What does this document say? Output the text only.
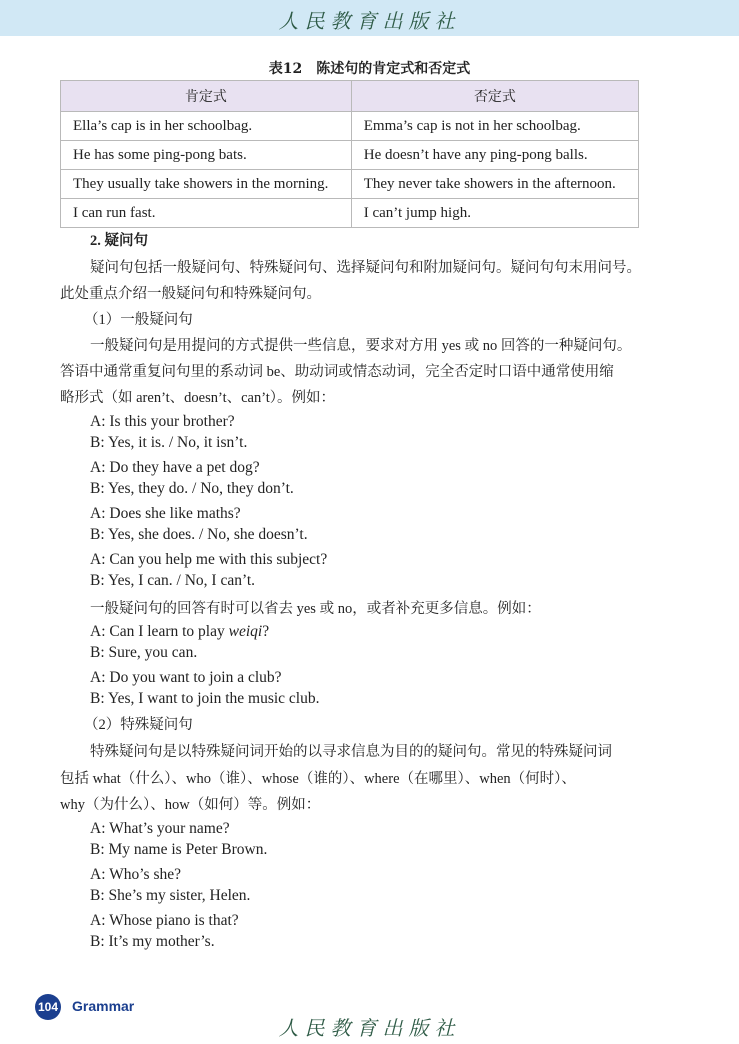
人民教育出版社
表12　陈述句的肯定式和否定式
肯定式	否定式
Ella’s cap is in her schoolbag.	Emma’s cap is not in her schoolbag.
He has some ping-pong bats.	He doesn’t have any ping-pong balls.
They usually take showers in the morning.	They never take showers in the afternoon.
I can run fast.	I can’t jump high.
2. 疑问句
疑问句包括一般疑问句、特殊疑问句、选择疑问句和附加疑问句。疑问句句末用问号。
此处重点介绍一般疑问句和特殊疑问句。
（1）一般疑问句
一般疑问句是用提问的方式提供一些信息，要求对方用 yes 或 no 回答的一种疑问句。
答语中通常重复问句里的系动词 be、助动词或情态动词，完全否定时口语中通常使用缩
略形式（如 aren’t、doesn’t、can’t）。例如：
A: Is this your brother?
B: Yes, it is. / No, it isn’t.
A: Do they have a pet dog?
B: Yes, they do. / No, they don’t.
A: Does she like maths?
B: Yes, she does. / No, she doesn’t.
A: Can you help me with this subject?
B: Yes, I can. / No, I can’t.
一般疑问句的回答有时可以省去 yes 或 no，或者补充更多信息。例如：
A: Can I learn to play weiqi?
B: Sure, you can.
A: Do you want to join a club?
B: Yes, I want to join the music club.
（2）特殊疑问句
特殊疑问句是以特殊疑问词开始的以寻求信息为目的的疑问句。常见的特殊疑问词
包括 what（什么）、who（谁）、whose（谁的）、where（在哪里）、when（何时）、
why（为什么）、how（如何）等。例如：
A: What’s your name?
B: My name is Peter Brown.
A: Who’s she?
B: She’s my sister, Helen.
A: Whose piano is that?
B: It’s my mother’s.
104 Grammar
人民教育出版社
